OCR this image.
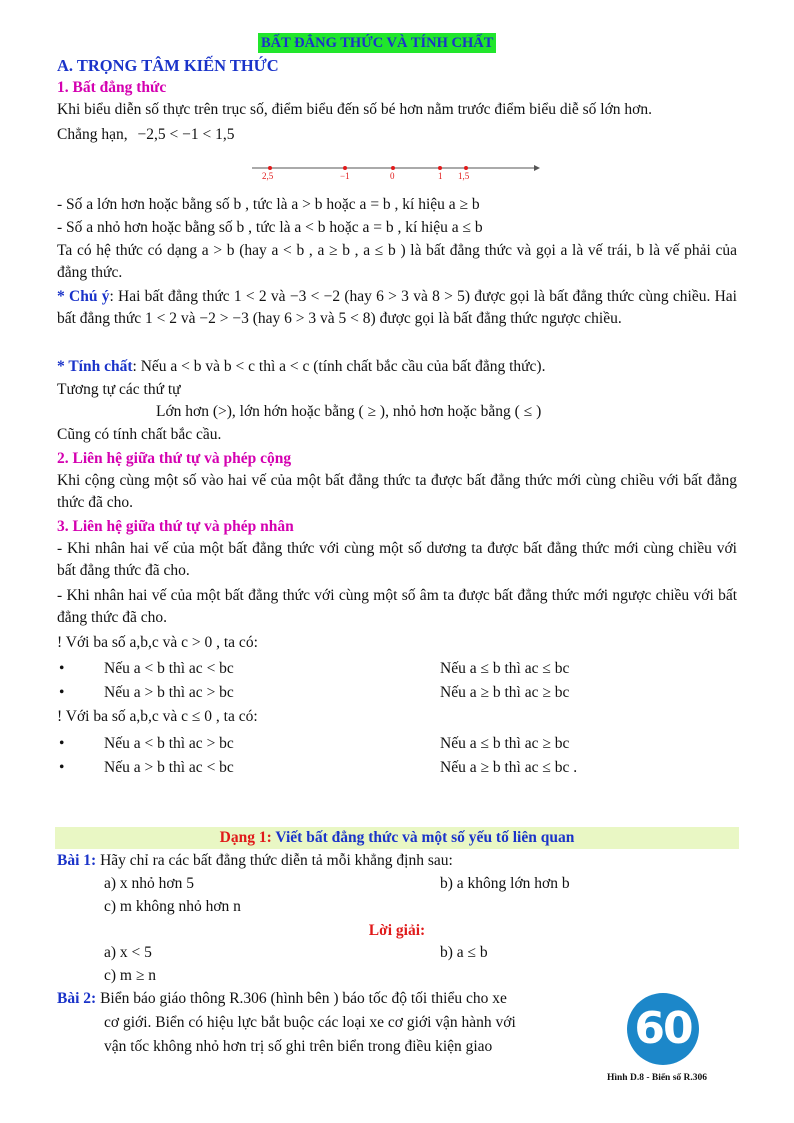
BẤT ĐẲNG THỨC VÀ TÍNH CHẤT
A. TRỌNG TÂM KIẾN THỨC
1. Bất đẳng thức
Khi biểu diễn số thực trên trục số, điểm biểu đến số bé hơn nằm trước điểm biểu diễ số lớn hơn.
Chẳng hạn, −2,5 < −1 < 1,5
2,5	−1	0	1 1,5
- Số a lớn hơn hoặc bằng số b , tức là a > b hoặc a = b , kí hiệu a ≥ b
- Số a nhỏ hơn hoặc bằng số b , tức là a < b hoặc a = b , kí hiệu a ≤ b
Ta có hệ thức có dạng a > b (hay a < b , a ≥ b , a ≤ b ) là bất đẳng thức và gọi a là vế trái, b là vế phải của đẳng thức.
* Chú ý: Hai bất đẳng thức 1 < 2 và −3 < −2 (hay 6 > 3 và 8 > 5) được gọi là bất đẳng thức cùng chiều. Hai bất đẳng thức 1 < 2 và −2 > −3 (hay 6 > 3 và 5 < 8) được gọi là bất đẳng thức ngược chiều.
* Tính chất: Nếu a < b và b < c thì a < c (tính chất bắc cầu của bất đẳng thức).
Tương tự các thứ tự
Lớn hơn (>), lớn hớn hoặc bằng ( ≥ ), nhỏ hơn hoặc bằng ( ≤ )
Cũng có tính chất bắc cầu.
2. Liên hệ giữa thứ tự và phép cộng
Khi cộng cùng một số vào hai vế của một bất đẳng thức ta được bất đẳng thức mới cùng chiều với bất đẳng thức đã cho.
3. Liên hệ giữa thứ tự và phép nhân
- Khi nhân hai vế của một bất đẳng thức với cùng một số dương ta được bất đẳng thức mới cùng chiều với bất đẳng thức đã cho.
- Khi nhân hai vế của một bất đẳng thức với cùng một số âm ta được bất đẳng thức mới ngược chiều với bất đẳng thức đã cho.
! Với ba số a,b,c và c > 0 , ta có:
•	Nếu a < b thì ac < bc	Nếu a ≤ b thì ac ≤ bc
•	Nếu a > b thì ac > bc	Nếu a ≥ b thì ac ≥ bc
! Với ba số a,b,c và c ≤ 0 , ta có:
•	Nếu a < b thì ac > bc	Nếu a ≤ b thì ac ≥ bc
•	Nếu a > b thì ac < bc	Nếu a ≥ b thì ac ≤ bc .
Dạng 1: Viết bất đẳng thức và một số yếu tố liên quan
Bài 1: Hãy chỉ ra các bất đẳng thức diễn tả mỗi khẳng định sau:
a) x nhỏ hơn 5	b) a không lớn hơn b
c) m không nhỏ hơn n
Lời giải:
a) x < 5	b) a ≤ b
c) m ≥ n
Bài 2: Biển báo giáo thông R.306 (hình bên ) báo tốc độ tối thiểu cho xe
cơ giới. Biển có hiệu lực bắt buộc các loại xe cơ giới vận hành với
vận tốc không nhỏ hơn trị số ghi trên biển trong điều kiện giao	60
Hình D.8 - Biển số R.306
